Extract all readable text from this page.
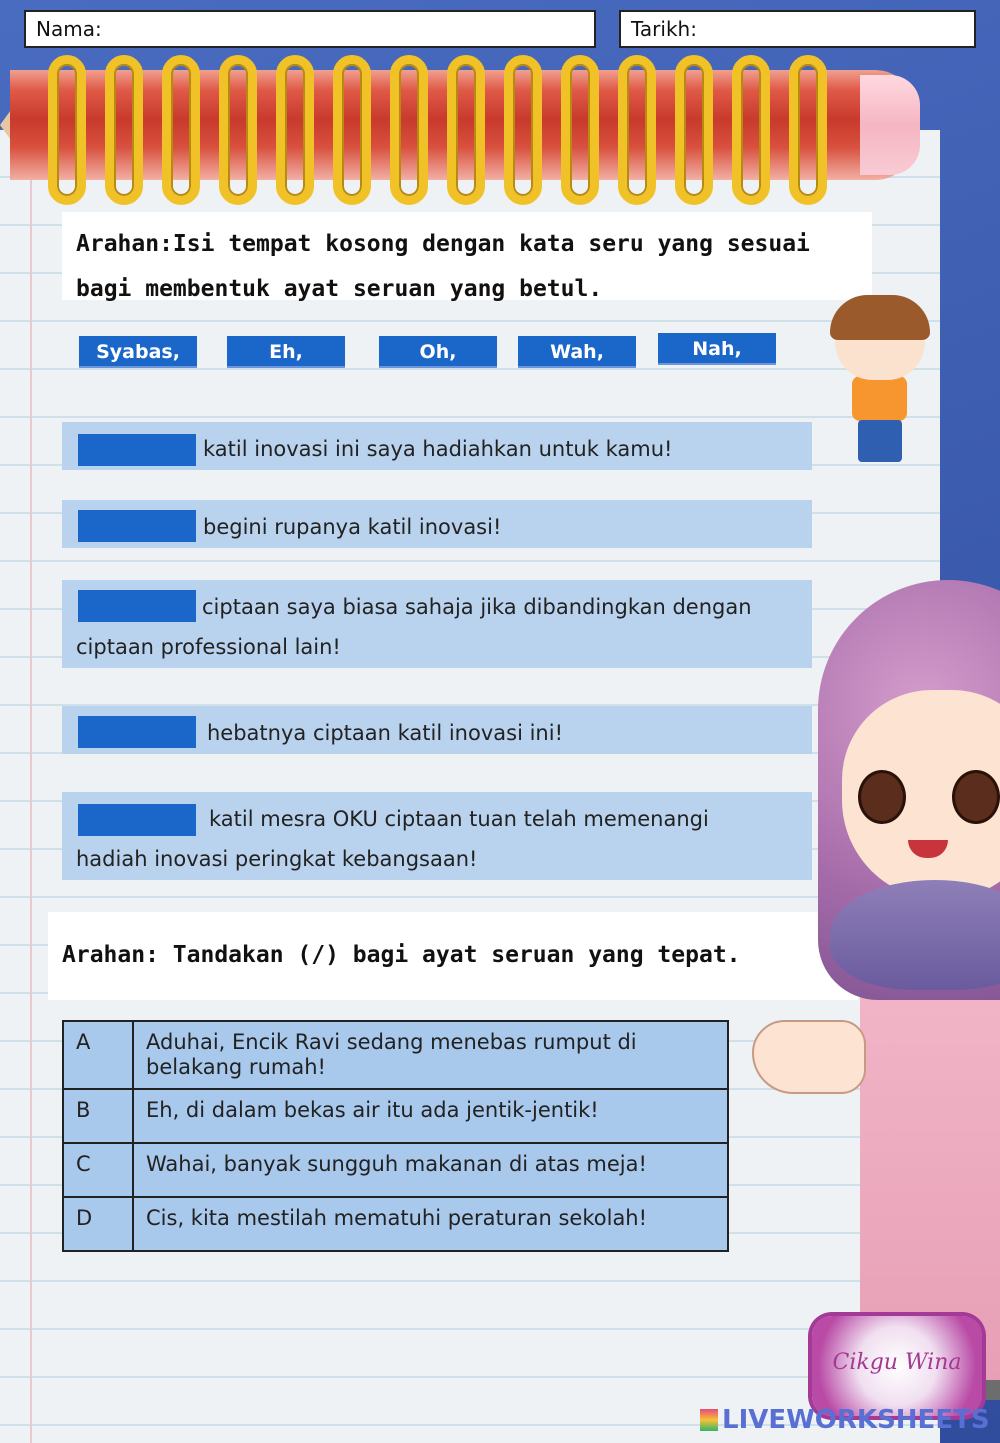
Nama:	Tarikh:
Arahan:Isi tempat kosong dengan kata seru yang sesuai bagi membentuk ayat seruan yang betul.
Syabas,	Eh,	Oh,	Wah,	Nah,
katil inovasi ini saya hadiahkan untuk kamu!
begini rupanya katil inovasi!
ciptaan saya biasa sahaja jika dibandingkan dengan
ciptaan professional lain!
hebatnya ciptaan katil inovasi ini!
katil mesra OKU ciptaan tuan telah memenangi
hadiah inovasi peringkat kebangsaan!
Arahan: Tandakan (/) bagi ayat seruan yang tepat.
A	Aduhai, Encik Ravi sedang menebas rumput di belakang rumah!
B	Eh, di dalam bekas air itu ada jentik-jentik!
C	Wahai, banyak sungguh makanan di atas meja!
D	Cis, kita mestilah mematuhi peraturan sekolah!
Cikgu Wina
LIVEWORKSHEETS
